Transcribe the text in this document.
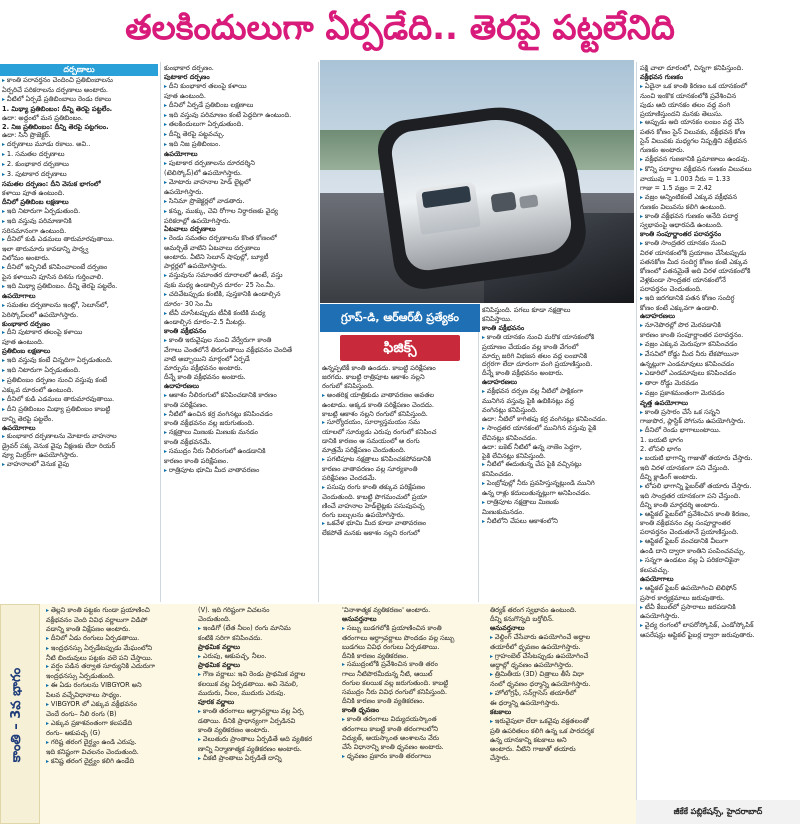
తలకిందులుగా ఏర్పడేది.. తెరపై పట్టలేనిది
దర్పణాలు

▸ కాంతి పరావర్తనం చెందించి ప్రతిబింబాలను

ఏర్పరిచే పరికరాలను దర్పణాలు అంటారు.

▸ వీటిలో ఏర్పడే ప్రతిబింబాలు రెండు రకాలు

1. మిథ్యా ప్రతిబింబం: దీన్ని తెరపై పట్టలేం.

ఉదా: అద్దంలో మన ప్రతిబింబం.

2. నిజ ప్రతిబింబం: దీన్ని తెరపై పట్టగలం.

ఉదా: సినీ ప్రొజెక్టర్.

▸ దర్పణాలు మూడు రకాలు. అవి..

▸ 1. సమతల దర్పణాలు

▸ 2. కుంభాకార దర్పణాలు

▸ 3. పుటాకార దర్పణాలు

సమతల దర్పణం: దీని వెనుక భాగంలో

కళాయి పూత ఉంటుంది.

దీనిలో ప్రతిబింబ లక్షణాలు

▸ ఇది నిటారుగా ఏర్పడుతుంది.

▸ ఇది వస్తువు పరిమాణానికి

సరిసమానంగా ఉంటుంది.

▸ దీనిలో కుడి ఎడమలు తారుమారవుతాయి.

ఇలా తారుమారు కావడాన్ని పార్శ్వ

విలోమం అంటారు.

▸ దీనిలో ఇన్ఫినిటీ కనిపించాలంటే దర్పణం

పైన కళాయిని పూసిన దిశను గుర్తించాలి.

▸ ఇది మిథ్యా ప్రతిబింబం. దీన్ని తెరపై పట్టలేం.

ఉపయోగాలు

▸ సమతల దర్పణాలను ఇంట్లో, సెలూన్‌లో,

పెరిస్కోప్‌లలో ఉపయోగిస్తారు.

కుంభాకార దర్పణం

▸ దీని పుటాకార తలంపై కళాయి

పూత ఉంటుంది.

ప్రతిబింబ లక్షణాలు

▸ ఇది వస్తువు కంటే చిన్నదిగా ఏర్పడుతుంది.

▸ ఇది నిటారుగా ఏర్పడుతుంది.

▸ ప్రతిబింబం దర్పణం నుంచి వస్తువు కంటే

ఎక్కువ దూరంలో ఉంటుంది.

▸ దీనిలో కుడి ఎడమలు తారుమారవుతాయి.

▸ దీని ప్రతిబింబం మిథ్యా ప్రతిబింబం కాబట్టి

దాన్ని తెరపై పట్టలేం.

ఉపయోగాలు

▸ కుంభాకార దర్పణాలను మోటారు వాహనాల

డ్రైవర్ పక్క వెనుక వైపు వీక్షణకు లేదా రియర్

వ్యూ మిర్రర్‌గా ఉపయోగిస్తారు.

▸ వాహనాలలో వెనుక వైపు

కుంభాకార దర్పణం.

పుటాకార దర్పణం

▸ దీని కుంభాకార తలంపై కళాయి

పూత ఉంటుంది.

▸ దీనిలో ఏర్పడే ప్రతిబింబ లక్షణాలు

▸ ఇది వస్తువు పరిమాణం కంటే పెద్దదిగా ఉంటుంది.

▸ తలకిందులుగా ఏర్పడుతుంది.

▸ దీన్ని తెరపై పట్టవచ్చు.

▸ ఇది నిజ ప్రతిబింబం.

ఉపయోగాలు

▸ పుటాకార దర్పణాలను దూరదర్శిని

(టెలిస్కోప్)లో ఉపయోగిస్తారు.

▸ మోటారు వాహనాల హెడ్ లైట్లలో

ఉపయోగిస్తారు.

▸ సినిమా ప్రొజెక్టర్లలో వాడతారు.

▸ కన్ను, ముక్కు, చెవి రోగాల నిర్ధారణకు వైద్య

పరికరాల్లో ఉపయోగిస్తారు.

ఏటవాలు దర్పణాలు

▸ రెండు సమతల దర్పణాలను కొంత కోణంలో

అమర్చితే వాటిని ఏటవాలు దర్పణాలు

అంటారు. వీటిని సెలూన్ షాపుల్లో, బ్యూటీ

పార్లర్లలో ఉపయోగిస్తారు.

▸ వస్తువును సమాంతర దూరాలలో ఉంటే, వస్తు

వుకు మధ్య ఉండాల్సిన దూరం- 25 సెం.మీ.

▸ చదివేటప్పుడు కంటికి, పుస్తకానికి ఉండాల్సిన

దూరం- 30 సెం.మీ

▸ టీవీ చూసేటప్పుడు టీవీకి కంటికి మధ్య

ఉండాల్సిన దూరం–2.5 మీటర్లు.

కాంతి వక్రీభవనం

▸ కాంతి ఇరువైపుల నుంచి వేర్వేరుగా కాంతి

వేగాలు చెంతలోనే తిరుగుతాయి వక్రీభవనం చెందితే

వాటి అబ్బాయిని మార్గంలో ఏర్పడే

మార్పును వక్రీభవనం అంటారు.

దీన్నే కాంతి వక్రీభవనం అంటారు.

ఉదాహరణలు

▸ ఆకాశం నీలిరంగులో కనిపించడానికి కారణం

కాంతి పరిక్షేపణం.

▸ నీటిలో ఉంచిన కర్ర వంగినట్లు కనిపించడం

కాంతి వక్రీభవనం వల్ల జరుగుతుంది.

▸ నక్షత్రాలు మిణుకు మిణుకు మనడం

కాంతి వక్రీభవనమే.

▸ సముద్రం నీరు నీలిరంగులో ఉండడానికి

కారణం కాంతి పరిక్షేపణం.

▸ రాత్రిపూట భూమి మీద వాతావరణం

గ్రూప్-డి, ఆర్‌ఆర్‌బీ ప్రత్యేకం
ఫిజిక్స్

ఉన్నప్పటికీ కాంతి ఉండదు. కాబట్టి పరిక్షేపణం

జరగదు. కాబట్టి రాత్రిపూట ఆకాశం నల్లని

రంగులో కనిపిస్తుంది.

▸ అంతరిక్ష యాత్రికుడు వాతావరణం అవతల

ఉంటాడు. అక్కడ కాంతి పరిక్షేపణం చెందదు.

కాబట్టి ఆకాశం నల్లని రంగులో కనిపిస్తుంది.

▸ సూర్యోదయం, సూర్యాస్తమయం సమ

యాలలో సూర్యుడు ఎరుపు రంగులో కనిపించ

డానికి కారణం ఆ సమయంలో ఆ రంగు

మాత్రమే పరిక్షేపణం చెందుతుంది.

▸ పగటిపూట నక్షత్రాలు కనిపించకపోవడానికి

కారణం వాతావరణం వల్ల సూర్యకాంతి

పరిక్షేపణం చెందడమే.

▸ పసుపు రంగు కాంతి తక్కువ పరిక్షేపణం

చెందుతుంది. కాబట్టి పొగమంచులో ప్రయా

ణించే వాహనాల హెడ్‌లైట్లకు పసుపుపచ్చ

రంగు బల్బులను ఉపయోగిస్తారు.

▸ ఒకవేళ భూమి మీద కూడా వాతావరణం

లేకపోతే మనకు ఆకాశం నల్లని రంగులో

కనిపిస్తుంది. పగలు కూడా నక్షత్రాలు

కనిపిస్తాయి.

కాంతి వక్రీభవనం

▸ కాంతి యానకం నుంచి మరొక యానకంలోకి

ప్రయాణం చేయడం వల్ల కాంతి వేగంలో

మార్పు జరిగి విభజన తలం వద్ద లంబానికి

దగ్గరగా లేదా దూరంగా వంగి ప్రయాణిస్తుంది.

దీన్నే కాంతి వక్రీభవనం అంటారు.

ఉదాహరణలు

▸ వక్రీభవన దర్పణ వల్ల నీటిలో పాక్షికంగా

మునిగిన వస్తువు పైకి ఉబికినట్లు వద్ద

వంగినట్లు కనిపిస్తుంది.

ఉదా: నీటిలో కాగితపు కర్ర వంగినట్లు కనిపించడం.

▸ సాంద్రతర యానకంలో మునిగిన వస్తువు పైకి

లేచినట్లు కనిపించడం.

ఉదా: బకెట్ నీటిలో ఉన్న నాణెం పెద్దగా,

పైకి లేచినట్లు కనిపిస్తుంది.

▸ నీటిలో ఈదుతున్న చేప పైకి వచ్చినట్లు

కనిపించడం.

▸ పెంబ్రోవుల్లో నీరు ప్రవహిస్తున్నట్లుండి మునిగి

ఉన్న రాళ్లు కదులుతున్నట్లుగా అనిపించడం.

▸ రాత్రిపూట నక్షత్రాలు మిణుకు

మిణుకుమనడం.

▸ నీటిలోని చేపలు ఆకాశంలోని

పక్షి చాలా దూరంలో, చిన్నగా కనిపిస్తుంది.

వక్రీభవన గుణకం

▸ ఏదైనా ఒక కాంతి కిరణం ఒక యానకంలో

నుంచి ఇంకొక యానకంలోకి ప్రవేశించిన

పుడు ఆది యానకం తలం వద్ద వంగి

ప్రయాణిస్తుందని మనకు తెలుసు.

▸ అప్పుడు ఆది యానకం లంబం వద్ద చేసే

పతన కోణం సైన్ విలువకు, వక్రీభవన కోణ

సైన్ విలువకు మధ్యగల నిష్పత్తిని వక్రీభవన

గుణకం అంటారు.

▸ వక్రీభవన గుణకానికి ప్రమాణాలు ఉండవు.

▸ కొన్ని పదార్థాల వక్రీభవన గుణకం విలువలు

వాయువు = 1.003 నీరు = 1.33

గాజు = 1.5 వజ్రం = 2.42

▸ వజ్రం అన్నింటికంటే ఎక్కువ వక్రీభవన

గుణకం విలువను కలిగి ఉంటుంది.

▸ కాంతి వక్రీభవన గుణకం అనేది పదార్థ

స్వభావంపై ఆధారపడి ఉంటుంది.

కాంతి సంపూర్ణాంతర పరావర్తనం

▸ కాంతి సాంద్రతర యానకం నుంచి

విరళ యానకంలోకి ప్రయాణం చేసేటప్పుడు

పతనకోణ మీద సందిగ్ధ కోణం కంటే ఎక్కువ

కోణంలో పతనమైతే అది విరళ యానకంలోకి

వెళ్లకుండా సాంద్రతర యానకంలోనే

పరావర్తనం చెందుతుంది.

▸ ఇది జరగడానికి పతన కోణం సందిగ్ధ

కోణం కంటే ఎక్కువగా ఉండాలి.

ఉదాహరణలు

▸ నూనెపొరల్లో పొర మెరవడానికి

కారణం కాంతి సంపూర్ణాంతర పరావర్తనం.

▸ వజ్రం ఎక్కువ మెరుపుగా కనిపించడం

▸ వేసవిలో రోడ్డు మీద నీరు లేకపోయినా

ఉన్నట్లుగా ఎండమావులు కనిపించడం

▸ ఎడారిలో ఎండమావులు కనిపించడం

▸ తారా రోడ్డు మెరవడం

▸ వజ్రం ప్రకాశమంతంగా మెరవడం

వృత్త ఉపయోగాలు

▸ కాంతి ప్రసారం చేసే ఒక సన్నని

గాజుపొర, ప్లాస్టిక్ పోగును ఉపయోగిస్తారు.

▸ దీనిలో రెండు భాగాలుంటాయి.

1. బయటి భాగం

2. లోపలి భాగం

▸ బయటి భాగాన్ని గాజుతో తయారు చేస్తారు.

ఇది విరళ యానకంగా పని చేస్తుంది.

దీన్ని క్లాడింగ్ అంటారు.

▸ లోపలి భాగాన్ని ఫైబర్‌తో తయారు చేస్తారు.

ఇది సాంద్రతర యానకంగా పని చేస్తుంది.

దీన్ని కాంతి మార్గదర్శి అంటారు.

▸ ఆప్టికల్ ఫైబర్‌లో ప్రవేశించిన కాంతి కిరణం,

కాంతి వక్రీభవనం వల్ల సంపూర్ణాంతర

పరావర్తనం చెందుతూనే ప్రయాణిస్తుంది.

▸ ఆప్టికల్ ఫైబర్ వంచడానికి వీలుగా

ఉండి దాని ద్వారా కాంతిని పంపించవచ్చు.

▸ సన్నగా ఉండటం వల్ల ఏ పరికరానికైనా

కలపవచ్చు.

ఉపయోగాలు

▸ ఆప్టికల్ ఫైబర్ ఉపయోగించి టెలిఫోన్

ప్రసార కార్యక్రమాలు జరుపుతారు.

▸ టీవీ కేబుల్‌లో ప్రసారాలు జరపడానికి

ఉపయోగిస్తారు.

▸ వైద్య రంగంలో లాపరోస్కోపిక్, ఎండోస్కోపిక్

ఆపరేషన్లు ఆప్టికల్ ఫైబర్ల ద్వారా జరుపుతారు.

కాంతి – 3వ భాగం

▸ తెల్లని కాంతి పట్టకం గుండా ప్రయాణించి

వక్రీభవనం చెంది వివిధ వర్ణాలుగా విడిపో

వడాన్ని కాంతి విక్షేపణం అంటారు.

▸ దీనిలో ఏడు రంగులు ఏర్పడతాయి.

▸ ఇంద్రధనస్సు ఏర్పడేటప్పుడు మేఘంలోని

నీటి బిందువులు పట్టకం వలె పని చేస్తాయి.

▸ వర్షం పడిన తర్వాత సూర్యునికి ఎదురుగా

ఇంద్రధనస్సు ఏర్పడుతుంది.

▸ ఈ ఏడు రంగులను VIBGYOR అని

పిలవ వచ్చేవిధానాలు సాధ్యం.

▸ VIBGYOR లో ఎక్కువ వక్రీభవనం

చెందే రంగు– నీలి రంగు (B)

▸ ఎక్కువ ప్రకాశవంతంగా కలపడేది

రంగు– ఆకుపచ్చ (G)

▸ గరిష్ట తరంగ దైర్ఘ్యం ఉండి ఎరుపు.

ఇది కనిష్టంగా విచలనం చెందుతుంది.

▸ కనిష్ట తరంగ దైర్ఘ్యం కలిగి ఉండేది

(V). ఇది గరిష్టంగా విచలనం

చెందుతుంది.

▸ ఇండిగో (లేత నీలం) రంగు మానిమ

కంటికి సరిగా కనిపించదు.

ప్రాథమిక వర్ణాలు

▸ ఎరుపు, ఆకుపచ్చ, నీలం.

ప్రాథమిక వర్ణాలు

▸ గౌణ వర్ణాలు: ఇవి రెండు ప్రాథమిక వర్ణాల

కలయిక వల్ల ఏర్పడతాయి. అవి నెమలి,

ముదురు, నీలం, ముదురు ఎరుపు.

పూరక వర్ణాలు

▸ కాంతి తరంగాలు ఆర్ద్రావర్ణాలు వల్ల ఏర్ప

డతాయి. దీనికి ప్రాధాన్యంగా ఏర్పడినవి

కాంతి వ్యతికరణం అంటారు.

▸ వెలుతురు ప్రాంతాలు ఏర్పడితే అది వ్యతికర

ణాన్ని నిర్మాణాత్మక వ్యతికరణం అంటారు.

▸ చీకటి ప్రాంతాలు ఏర్పడితే దాన్ని

'వినాశాత్మక వ్యతికరణం' అంటారు.

అనువర్తనాలు

▸ సబ్బు బుడగలోకి ప్రయాణించిన కాంతి

తరంగాలు ఆర్ద్రావర్ణాలు పొందడం వల్ల సబ్బు

బుడగలు వివిధ రంగులు ఏర్పడతాయి.

దీనికి కారణం వ్యతికరణం.

▸ సముద్రంలోకి ప్రవేశించిన కాంతి తరం

గాలు నీటిపొరమీదున్న నీటి, ఆయిల్

రంగుల కలయిక వల్ల జరుగుతుంది. కాబట్టి

సముద్రం నీరు వివిధ రంగులో కనిపిస్తుంది.

దీనికి కారణం కాంతి వ్యతికరణం.

కాంతి ధృవణం

▸ కాంతి తరంగాలు విద్యుదయస్కాంత

తరంగాలు కాబట్టి కాంతి తరంగాలలోని

విద్యుత్, అయస్కాంత అంశాలను వేరు

చేసే విధానాన్ని కాంతి ధృవణం అంటారు.

▸ ధృవణం ప్రకారం కాంతి తరంగాలు

తిర్యక్ తరంగ స్వభావం ఉంటుంది.

దీన్ని కనుగొన్నది బర్తోలిన్.

అనువర్తనాలు

▸ వెల్డింగ్ చేసేవారు ఉపయోగించే అద్దాల

తయారీలో ధృవణం ఉపయోగిస్తారు.

▸ గ్రాహంబెల్ చేసేటప్పుడు ఉపయోగించే

అద్దాల్లో ధృవణం ఉపయోగిస్తారు.

▸ త్రిమితీయ (3D) చిత్రాలు తీసే విధా

నంలో ధృవణం ధర్మాన్ని ఉపయోగిస్తారు.

▸ హోలోగ్రఫీ, సన్‌గ్లాసెస్ తయారీలో

ఈ ధర్మాన్ని ఉపయోగిస్తారు.

కటకాలు

▸ ఇరువైపులా లేదా ఒకవైపు వక్రతలంతో

ప్రతి ఉపరితలం కలిగి ఉన్న ఒక పారదర్శక

ఉన్న యానకాన్ని కటకాలు అని

అంటారు. వీటిని గాజుతో తయారు

చేస్తారు.

జీకేకే పబ్లికేషన్స్, హైదరాబాద్
